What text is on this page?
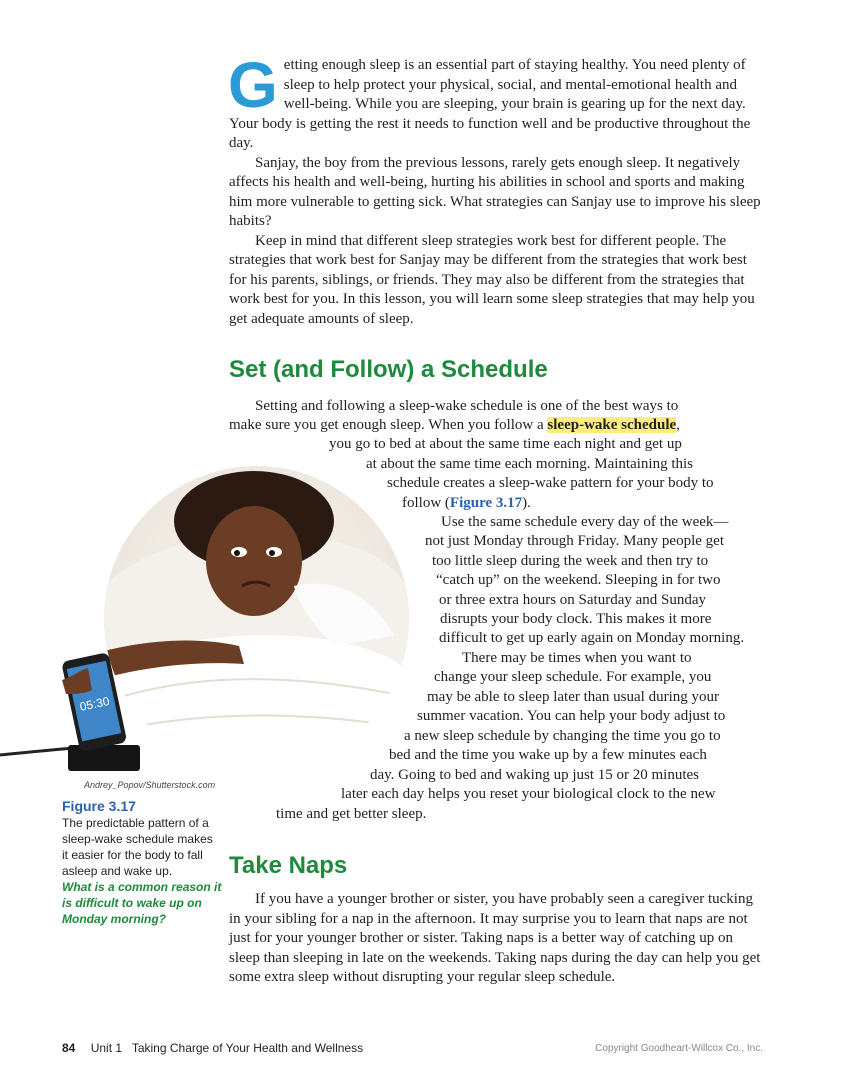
G etting enough sleep is an essential part of staying healthy. You need plenty of sleep to help protect your physical, social, and mental-emotional health and well-being. While you are sleeping, your brain is gearing up for the next day. Your body is getting the rest it needs to function well and be productive throughout the day.

Sanjay, the boy from the previous lessons, rarely gets enough sleep. It negatively affects his health and well-being, hurting his abilities in school and sports and making him more vulnerable to getting sick. What strategies can Sanjay use to improve his sleep habits?

Keep in mind that different sleep strategies work best for different people. The strategies that work best for Sanjay may be different from the strategies that work best for his parents, siblings, or friends. They may also be different from the strategies that work best for you. In this lesson, you will learn some sleep strategies that may help you get adequate amounts of sleep.

Set (and Follow) a Schedule
05:30
Andrey_Popov/Shutterstock.com
Setting and following a sleep-wake schedule is one of the best ways to
make sure you get enough sleep. When you follow a sleep-wake schedule,
you go to bed at about the same time each night and get up
at about the same time each morning. Maintaining this
schedule creates a sleep-wake pattern for your body to
follow (Figure 3.17).
Use the same schedule every day of the week—
not just Monday through Friday. Many people get
too little sleep during the week and then try to
“catch up” on the weekend. Sleeping in for two
or three extra hours on Saturday and Sunday
disrupts your body clock. This makes it more
difficult to get up early again on Monday morning.
There may be times when you want to
change your sleep schedule. For example, you
may be able to sleep later than usual during your
summer vacation. You can help your body adjust to
a new sleep schedule by changing the time you go to
bed and the time you wake up by a few minutes each
day. Going to bed and waking up just 15 or 20 minutes
later each day helps you reset your biological clock to the new
time and get better sleep.
Figure 3.17
The predictable pattern of a sleep-wake schedule makes it easier for the body to fall asleep and wake up.
What is a common reason it is difficult to wake up on Monday morning?
Take Naps

If you have a younger brother or sister, you have probably seen a caregiver tucking in your sibling for a nap in the afternoon. It may surprise you to learn that naps are not just for your younger brother or sister. Taking naps is a better way of catching up on sleep than sleeping in late on the weekends. Taking naps during the day can help you get some extra sleep without disrupting your regular sleep schedule.

84 Unit 1   Taking Charge of Your Health and Wellness	Copyright Goodheart-Willcox Co., Inc.
